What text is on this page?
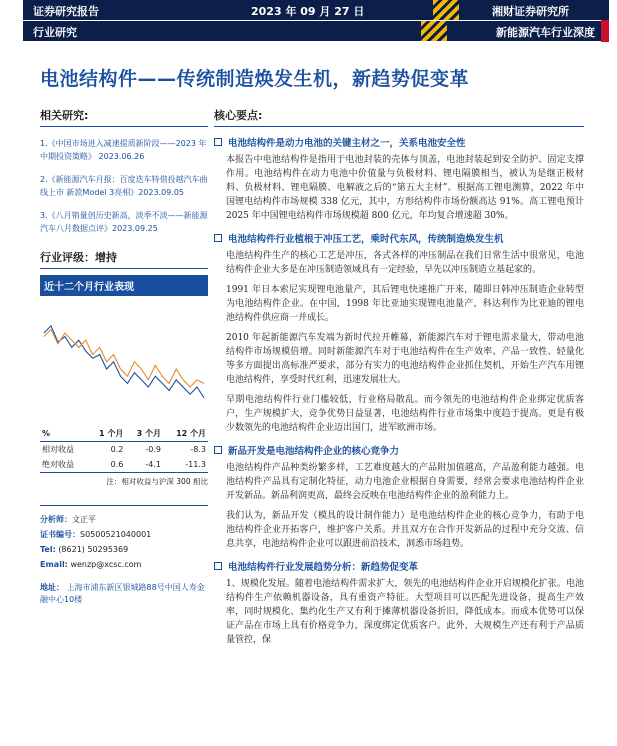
证券研究报告	2023 年 09 月 27 日	湘财证券研究所
行业研究	新能源汽车行业深度
电池结构件——传统制造焕发生机，新趋势促变革
相关研究:
1.《中国市场进入减速提质新阶段——2023 年中期投资策略》 2023.06.26
2.《新能源汽车月报：百度迭车特借投越汽车曲线上市 新款Model 3亮相》2023.09.05
3.《八月销量创历史新高，淡季不淡——新能源汽车八月数据点评》2023.09.25
行业评级：增持
近十二个月行业表现
%	1 个月	3 个月	12 个月
相对收益	0.2	-0.9	-8.3
绝对收益	0.6	-4.1	-11.3
注：相对收益与沪深 300 相比
分析师：文正平
证书编号：S0500521040001
Tel: (8621) 50295369
Email: wenzp@xcsc.com
地址： 上海市浦东新区银城路88号中国人寿金融中心10楼
核心要点:
电池结构件是动力电池的关键主材之一，关系电池安全性

本报告中电池结构件是指用于电池封装的壳体与顶盖，电池封装起到安全防护、固定支撑作用。电池结构件在动力电池中价值量与负极材料、锂电隔膜相当，被认为是继正极材料、负极材料、锂电隔膜、电解液之后的“第五大主材”。根据高工锂电测算，2022 年中国锂电结构件市场规模 338 亿元，其中，方形结构件市场份额高达 91%。高工锂电预计 2025 年中国锂电结构件市场规模超 800 亿元，年均复合增速超 30%。

电池结构件行业植根于冲压工艺，乘时代东风，传统制造焕发生机

电池结构件生产的核心工艺是冲压，各式各样的冲压制品在我们日常生活中很常见，电池结构件企业大多是在冲压制造领域具有一定经验，早先以冲压制造立基起家的。

1991 年日本索尼实现锂电池量产，其后锂电快速推广开来，随即日韩冲压制造企业转型为电池结构件企业。在中国，1998 年比亚迪实现锂电池量产，科达利作为比亚迪的锂电池结构件供应商一并成长。

2010 年起新能源汽车发端为新时代拉开帷幕，新能源汽车对于锂电需求量大，带动电池结构件市场规模倍增。同时新能源汽车对于电池结构件在生产效率、产品一致性、轻量化等多方面提出高标准严要求，部分有实力的电池结构件企业抓住契机，开始生产汽车用锂电池结构件，享受时代红利，迅速发展壮大。

早期电池结构件行业门槛较低，行业格局散乱。而今领先的电池结构件企业绑定优质客户，生产规模扩大，竞争优势日益显著，电池结构件行业市场集中度趋于提高。更是有极少数领先的电池结构件企业迈出国门，进军欧洲市场。

新品开发是电池结构件企业的核心竞争力

电池结构件产品种类纷繁多样，工艺难度越大的产品附加值越高，产品盈利能力越强。电池结构件产品具有定制化特征，动力电池企业根据自身需要，经常会要求电池结构件企业开发新品。新品利润更高，最终会反映在电池结构件企业的盈利能力上。

我们认为，新品开发（模具的设计制作能力）是电池结构件企业的核心竞争力，有助于电池结构件企业开拓客户，维护客户关系。并且双方在合作开发新品的过程中充分交流、信息共享，电池结构件企业可以跟进前沿技术，洞悉市场趋势。

电池结构件行业发展趋势分析：新趋势促变革

1、规模化发展。随着电池结构件需求扩大，领先的电池结构件企业开启规模化扩张。电池结构件生产依赖机器设备，具有重资产特征。大型项目可以匹配先进设备，提高生产效率，同时规模化、集约化生产又有利于摊薄机器设备折旧，降低成本。而成本优势可以保证产品在市场上具有价格竞争力，深度绑定优质客户。此外，大规模生产还有利于产品质量管控，保
